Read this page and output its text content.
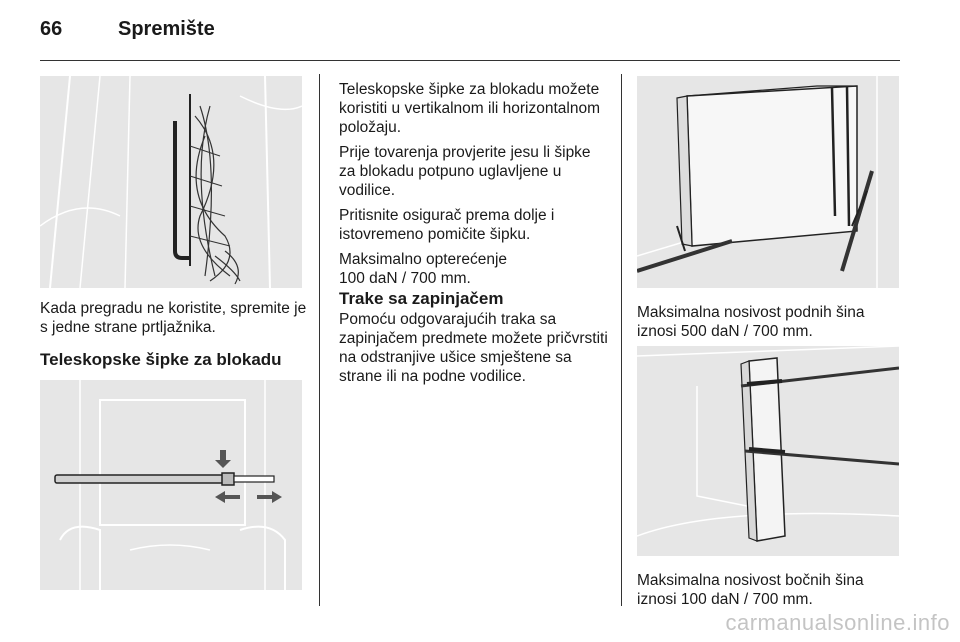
66	Spremište

Kada pregradu ne koristite, spremite je s jedne strane prtljažnika.

Teleskopske šipke za blokadu

Teleskopske šipke za blokadu možete koristiti u vertikalnom ili horizontalnom položaju.

Prije tovarenja provjerite jesu li šipke za blokadu potpuno uglavljene u vodilice.

Pritisnite osigurač prema dolje i istovremeno pomičite šipku.

Maksimalno opterećenje
100 daN / 700 mm.

Trake sa zapinjačem

Pomoću odgovarajućih traka sa zapinjačem predmete možete pričvrstiti na odstranjive ušice smještene sa strane ili na podne vodilice.

Maksimalna nosivost podnih šina iznosi 500 daN / 700 mm.

Maksimalna nosivost bočnih šina iznosi 100 daN / 700 mm.

carmanualsonline.info
